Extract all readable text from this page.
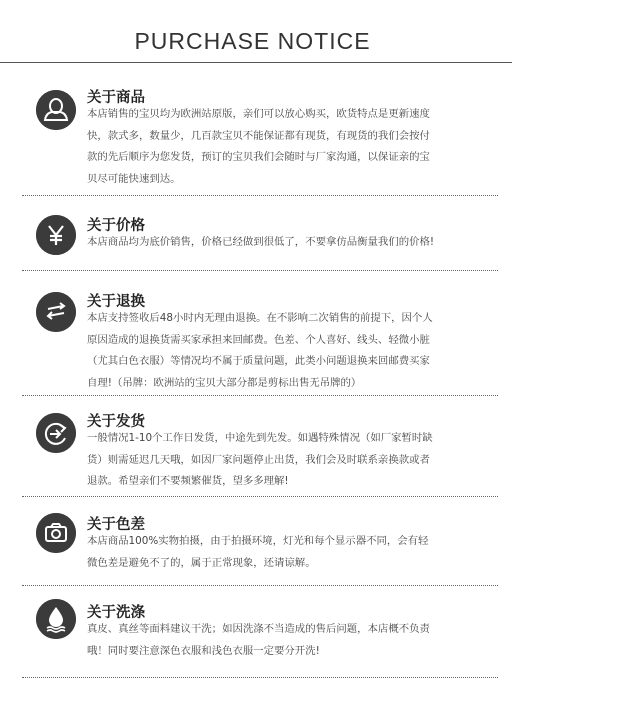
PURCHASE NOTICE
关于商品
本店销售的宝贝均为欧洲站原版，亲们可以放心购买，欧货特点是更新速度
快，款式多，数量少，几百款宝贝不能保证都有现货，有现货的我们会按付
款的先后顺序为您发货，预订的宝贝我们会随时与厂家沟通，以保证亲的宝
贝尽可能快速到达。
关于价格
本店商品均为底价销售，价格已经做到很低了，不要拿仿品衡量我们的价格!
关于退换
本店支持签收后48小时内无理由退换。在不影响二次销售的前提下，因个人
原因造成的退换货需买家承担来回邮费。色差、个人喜好、线头、轻微小脏
（尤其白色衣服）等情况均不属于质量问题，此类小问题退换来回邮费买家
自理!（吊牌：欧洲站的宝贝大部分都是剪标出售无吊牌的）
关于发货
一般情况1-10个工作日发货，中途先到先发。如遇特殊情况（如厂家暂时缺
货）则需延迟几天哦，如因厂家问题停止出货，我们会及时联系亲换款或者
退款。希望亲们不要频繁催货，望多多理解!
关于色差
本店商品100%实物拍摄，由于拍摄环境，灯光和每个显示器不同，会有轻
微色差是避免不了的，属于正常现象，还请谅解。
关于洗涤
真皮、真丝等面料建议干洗；如因洗涤不当造成的售后问题，本店概不负责
哦！同时要注意深色衣服和浅色衣服一定要分开洗!
